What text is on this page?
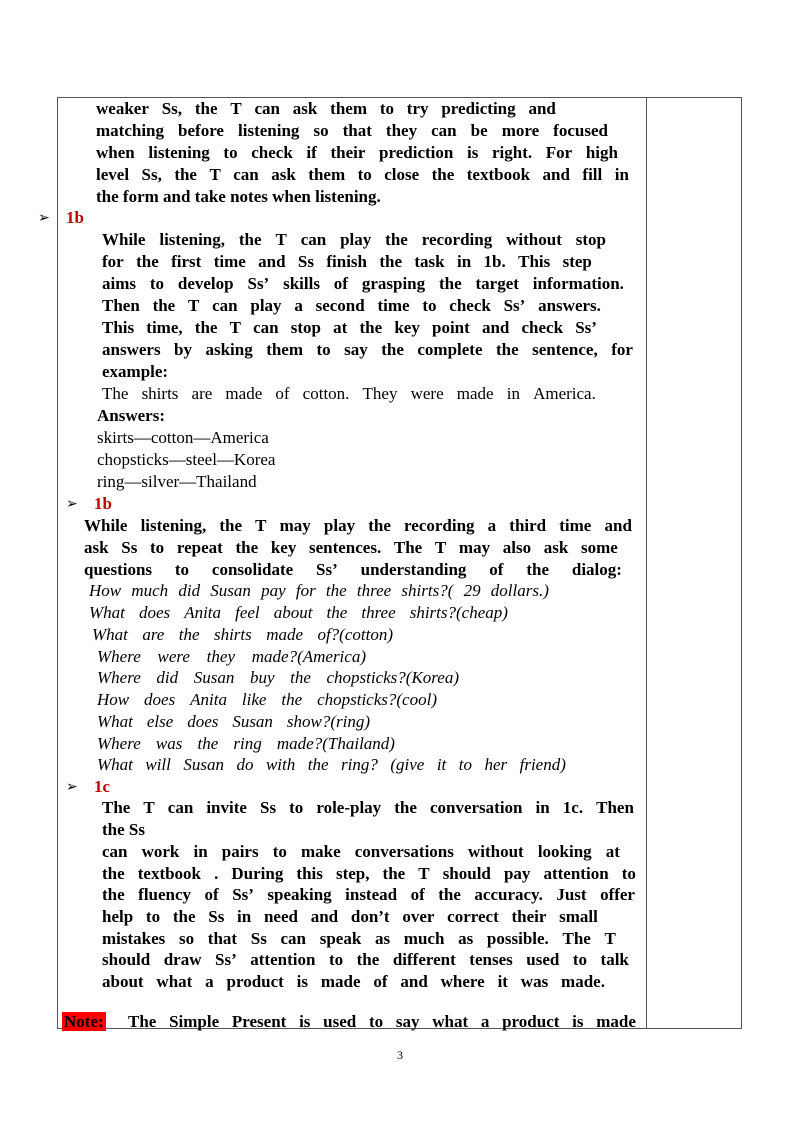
weaker Ss, the T can ask them to try predicting and
matching before listening so that they can be more focused
when listening to check if their prediction is right. For high
level Ss, the T can ask them to close the textbook and fill in
the form and take notes when listening.
➢ 1b
While listening, the T can play the recording without stop
for the first time and Ss finish the task in 1b. This step
aims to develop Ss’ skills of grasping the target information.
Then the T can play a second time to check Ss’ answers.
This time, the T can stop at the key point and check Ss’
answers by asking them to say the complete the sentence, for
example:
The shirts are made of cotton. They were made in America.
Answers:
skirts—cotton—America
chopsticks—steel—Korea
ring—silver—Thailand
➢ 1b
While listening, the T may play the recording a third time and
ask Ss to repeat the key sentences. The T may also ask some
questions to consolidate Ss’ understanding of the dialog:
How much did Susan pay for the three shirts?( 29 dollars.)
What does Anita feel about the three shirts?(cheap)
What are the shirts made of?(cotton)
Where were they made?(America)
Where did Susan buy the chopsticks?(Korea)
How does Anita like the chopsticks?(cool)
What else does Susan show?(ring)
Where was the ring made?(Thailand)
What will Susan do with the ring? (give it to her friend)
➢ 1c
The T can invite Ss to role-play the conversation in 1c. Then
the Ss
can work in pairs to make conversations without looking at
the textbook . During this step, the T should pay attention to
the fluency of Ss’ speaking instead of the accuracy. Just offer
help to the Ss in need and don’t over correct their small
mistakes so that Ss can speak as much as possible. The T
should draw Ss’ attention to the different tenses used to talk
about what a product is made of and where it was made.
Note: The Simple Present is used to say what a product is made
3
